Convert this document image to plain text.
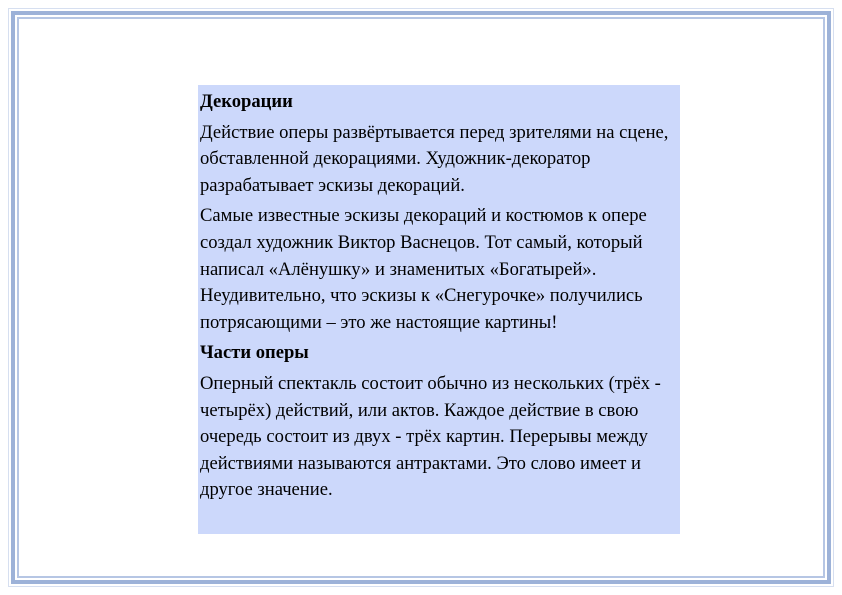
Декорации
Действие оперы развёртывается перед зрителями на сцене, обставленной декорациями. Художник-декоратор разрабатывает эскизы декораций.
Самые известные эскизы декораций и костюмов к опере создал художник Виктор Васнецов. Тот самый, который написал «Алёнушку» и знаменитых «Богатырей». Неудивительно, что эскизы к «Снегурочке» получились потрясающими – это же настоящие картины!
Части оперы
Оперный спектакль состоит обычно из нескольких (трёх - четырёх) действий, или актов. Каждое действие в свою очередь состоит из двух - трёх картин. Перерывы между действиями называются антрактами. Это слово имеет и другое значение.
